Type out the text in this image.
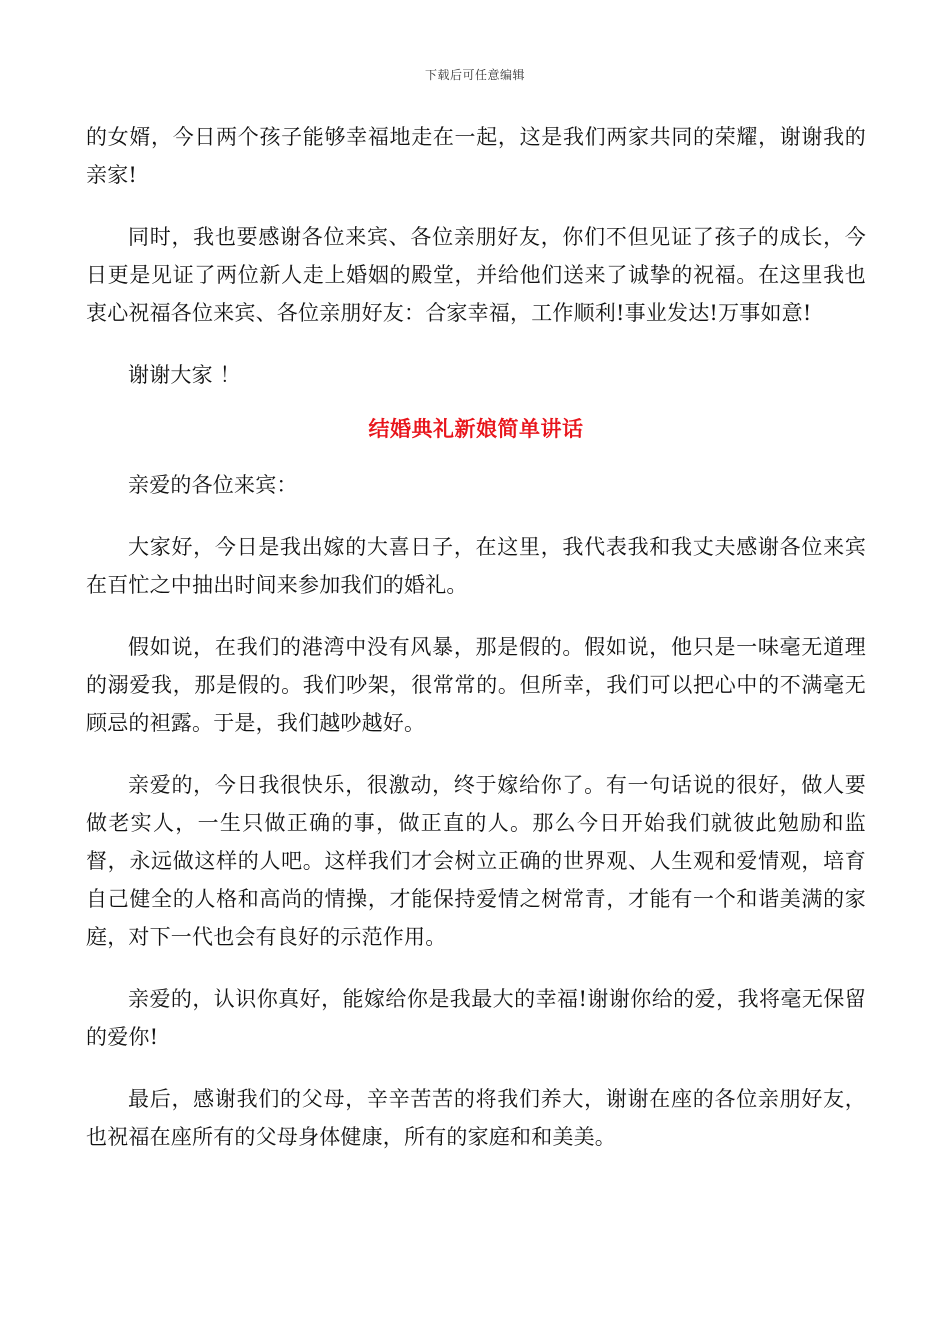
下载后可任意编辑

的女婿，今日两个孩子能够幸福地走在一起，这是我们两家共同的荣耀，谢谢我的亲家!

同时，我也要感谢各位来宾、各位亲朋好友，你们不但见证了孩子的成长，今日更是见证了两位新人走上婚姻的殿堂，并给他们送来了诚挚的祝福。在这里我也衷心祝福各位来宾、各位亲朋好友：合家幸福，工作顺利!事业发达!万事如意!

谢谢大家 ！

结婚典礼新娘简单讲话

亲爱的各位来宾：

大家好，今日是我出嫁的大喜日子，在这里，我代表我和我丈夫感谢各位来宾在百忙之中抽出时间来参加我们的婚礼。

假如说，在我们的港湾中没有风暴，那是假的。假如说，他只是一味毫无道理的溺爱我，那是假的。我们吵架，很常常的。但所幸，我们可以把心中的不满毫无顾忌的袒露。于是，我们越吵越好。

亲爱的，今日我很快乐，很激动，终于嫁给你了。有一句话说的很好，做人要做老实人，一生只做正确的事，做正直的人。那么今日开始我们就彼此勉励和监督，永远做这样的人吧。这样我们才会树立正确的世界观、人生观和爱情观，培育自己健全的人格和高尚的情操，才能保持爱情之树常青，才能有一个和谐美满的家庭，对下一代也会有良好的示范作用。

亲爱的，认识你真好，能嫁给你是我最大的幸福!谢谢你给的爱，我将毫无保留的爱你!

最后，感谢我们的父母，辛辛苦苦的将我们养大，谢谢在座的各位亲朋好友，也祝福在座所有的父母身体健康，所有的家庭和和美美。
